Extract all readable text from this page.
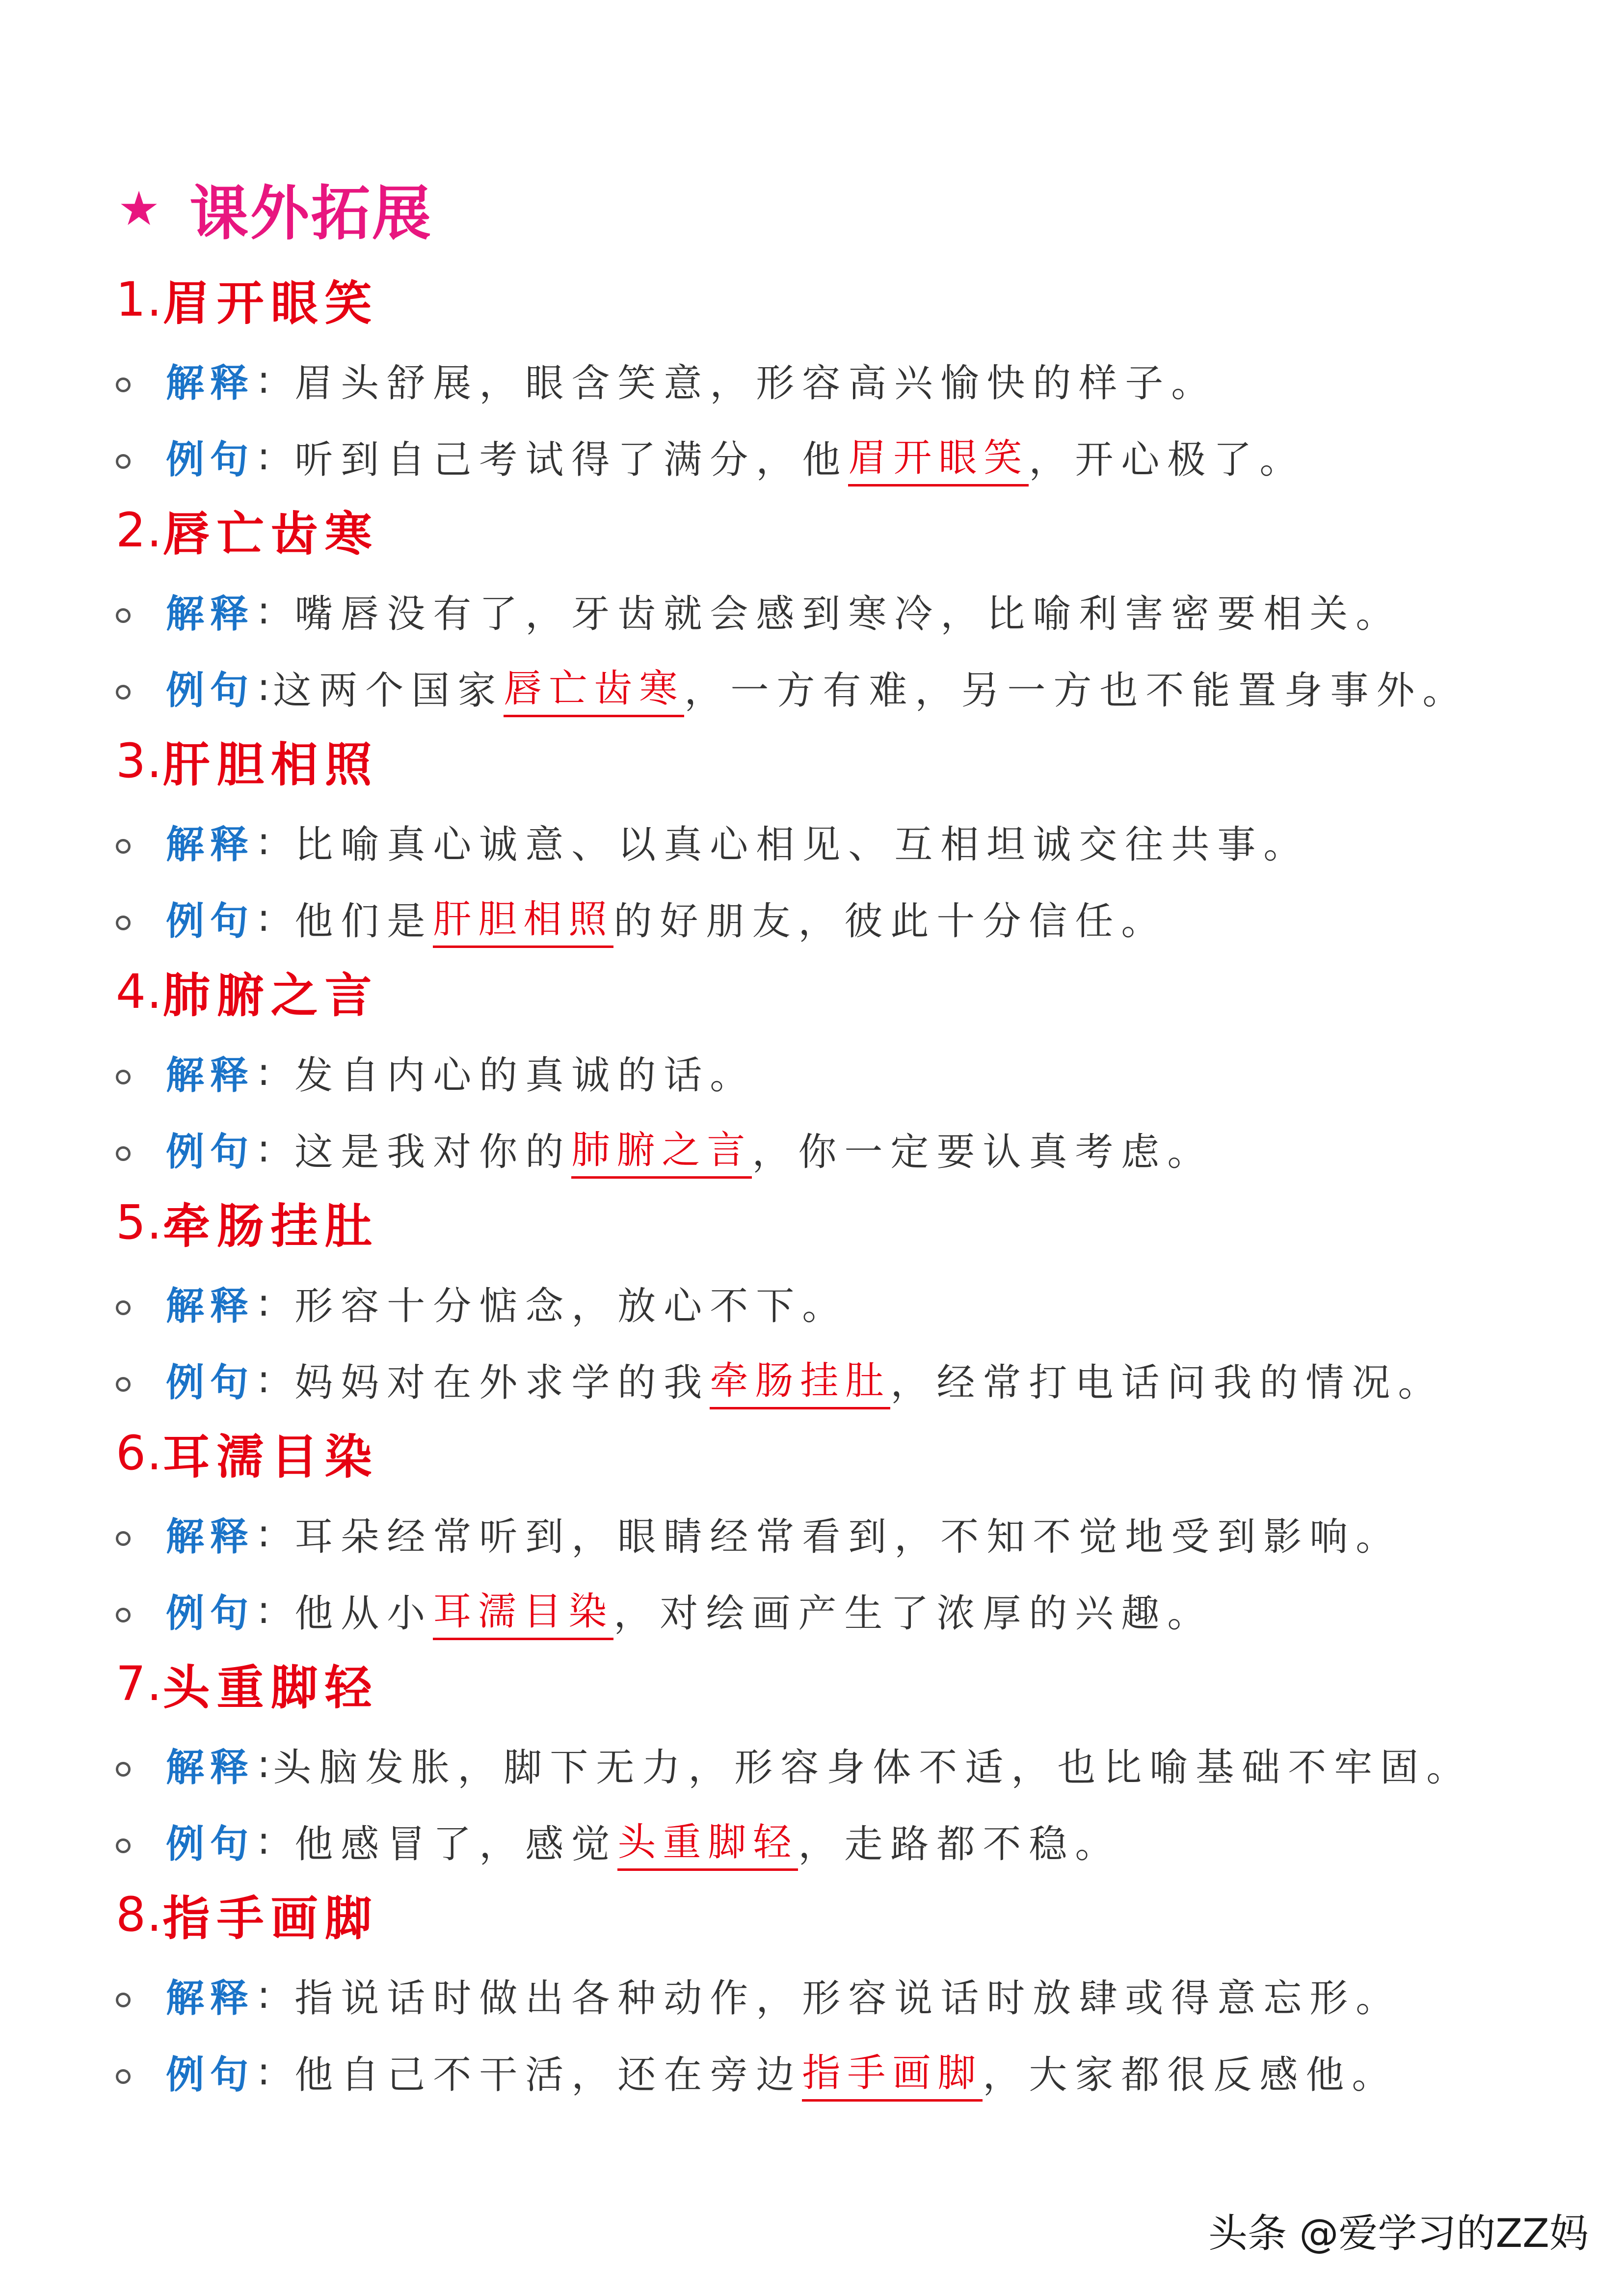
★ 课外拓展
1. 眉开眼笑
解释 : 眉头舒展，眼含笑意，形容高兴愉快的样子。
例句 : 听到自己考试得了满分，他 眉开眼笑 ，开心极了。
2. 唇亡齿寒
解释 : 嘴唇没有了，牙齿就会感到寒冷，比喻利害密要相关。
例句 : 这两个国家 唇亡齿寒 ，一方有难，另一方也不能置身事外。
3. 肝胆相照
解释 : 比喻真心诚意、以真心相见、互相坦诚交往共事。
例句 : 他们是 肝胆相照 的好朋友，彼此十分信任。
4. 肺腑之言
解释 : 发自内心的真诚的话。
例句 : 这是我对你的 肺腑之言 ，你一定要认真考虑。
5. 牵肠挂肚
解释 : 形容十分惦念，放心不下。
例句 : 妈妈对在外求学的我 牵肠挂肚 ，经常打电话问我的情况。
6. 耳濡目染
解释 : 耳朵经常听到，眼睛经常看到，不知不觉地受到影响。
例句 : 他从小 耳濡目染 ，对绘画产生了浓厚的兴趣。
7. 头重脚轻
解释 : 头脑发胀，脚下无力，形容身体不适，也比喻基础不牢固。
例句 : 他感冒了，感觉 头重脚轻 ，走路都不稳。
8. 指手画脚
解释 : 指说话时做出各种动作，形容说话时放肆或得意忘形。
例句 : 他自己不干活，还在旁边 指手画脚 ，大家都很反感他。
头条 @爱学习的ZZ妈
